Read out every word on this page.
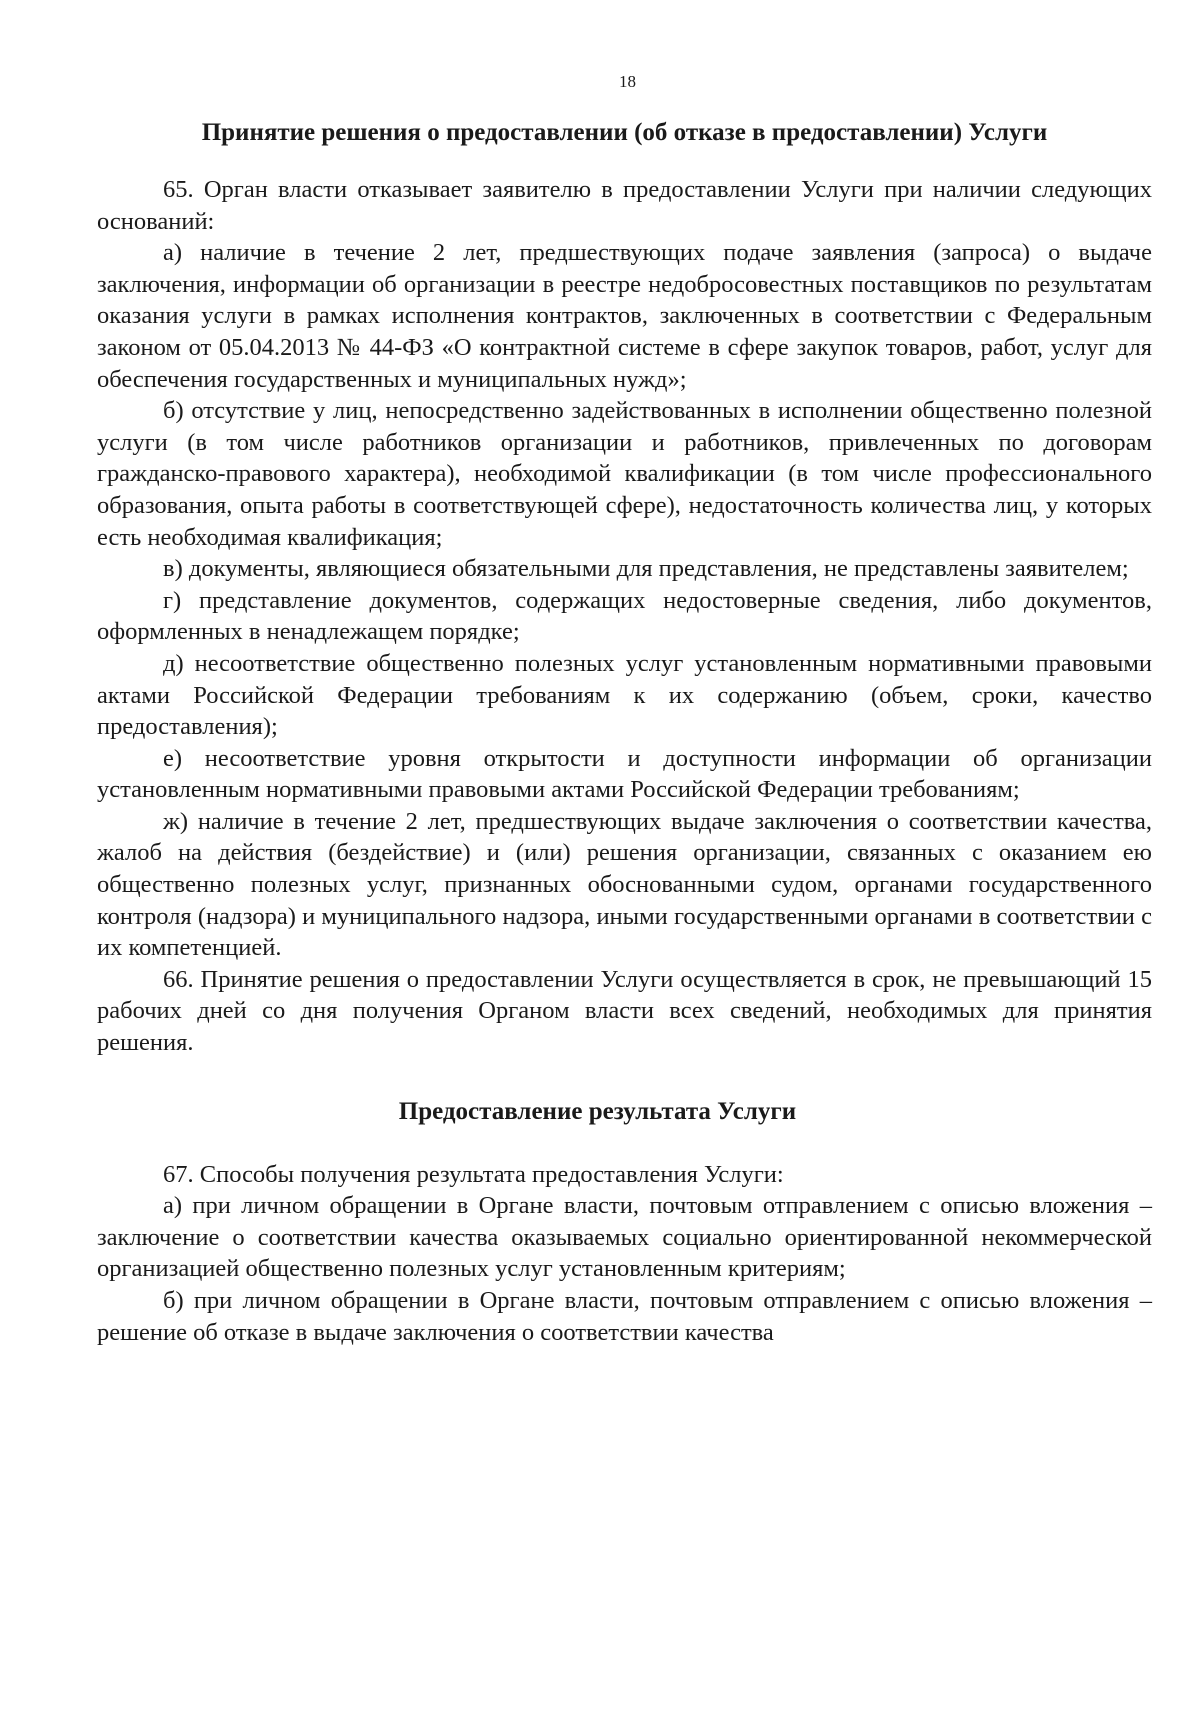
18
Принятие решения о предоставлении (об отказе в предоставлении) Услуги

65. Орган власти отказывает заявителю в предоставлении Услуги при наличии следующих оснований:

а) наличие в течение 2 лет, предшествующих подаче заявления (запроса) о выдаче заключения, информации об организации в реестре недобросовестных поставщиков по результатам оказания услуги в рамках исполнения контрактов, заключенных в соответствии с Федеральным законом от 05.04.2013 № 44-ФЗ «О контрактной системе в сфере закупок товаров, работ, услуг для обеспечения государственных и муниципальных нужд»;

б) отсутствие у лиц, непосредственно задействованных в исполнении общественно полезной услуги (в том числе работников организации и работников, привлеченных по договорам гражданско-правового характера), необходимой квалификации (в том числе профессионального образования, опыта работы в соответствующей сфере), недостаточность количества лиц, у которых есть необходимая квалификация;

в) документы, являющиеся обязательными для представления, не представлены заявителем;

г) представление документов, содержащих недостоверные сведения, либо документов, оформленных в ненадлежащем порядке;

д) несоответствие общественно полезных услуг установленным нормативными правовыми актами Российской Федерации требованиям к их содержанию (объем, сроки, качество предоставления);

е) несоответствие уровня открытости и доступности информации об организации установленным нормативными правовыми актами Российской Федерации требованиям;

ж) наличие в течение 2 лет, предшествующих выдаче заключения о соответствии качества, жалоб на действия (бездействие) и (или) решения организации, связанных с оказанием ею общественно полезных услуг, признанных обоснованными судом, органами государственного контроля (надзора) и муниципального надзора, иными государственными органами в соответствии с их компетенцией.

66. Принятие решения о предоставлении Услуги осуществляется в срок, не превышающий 15 рабочих дней со дня получения Органом власти всех сведений, необходимых для принятия решения.

Предоставление результата Услуги

67. Способы получения результата предоставления Услуги:

а) при личном обращении в Органе власти, почтовым отправлением с описью вложения – заключение о соответствии качества оказываемых социально ориентированной некоммерческой организацией общественно полезных услуг установленным критериям;

б) при личном обращении в Органе власти, почтовым отправлением с описью вложения – решение об отказе в выдаче заключения о соответствии качества
